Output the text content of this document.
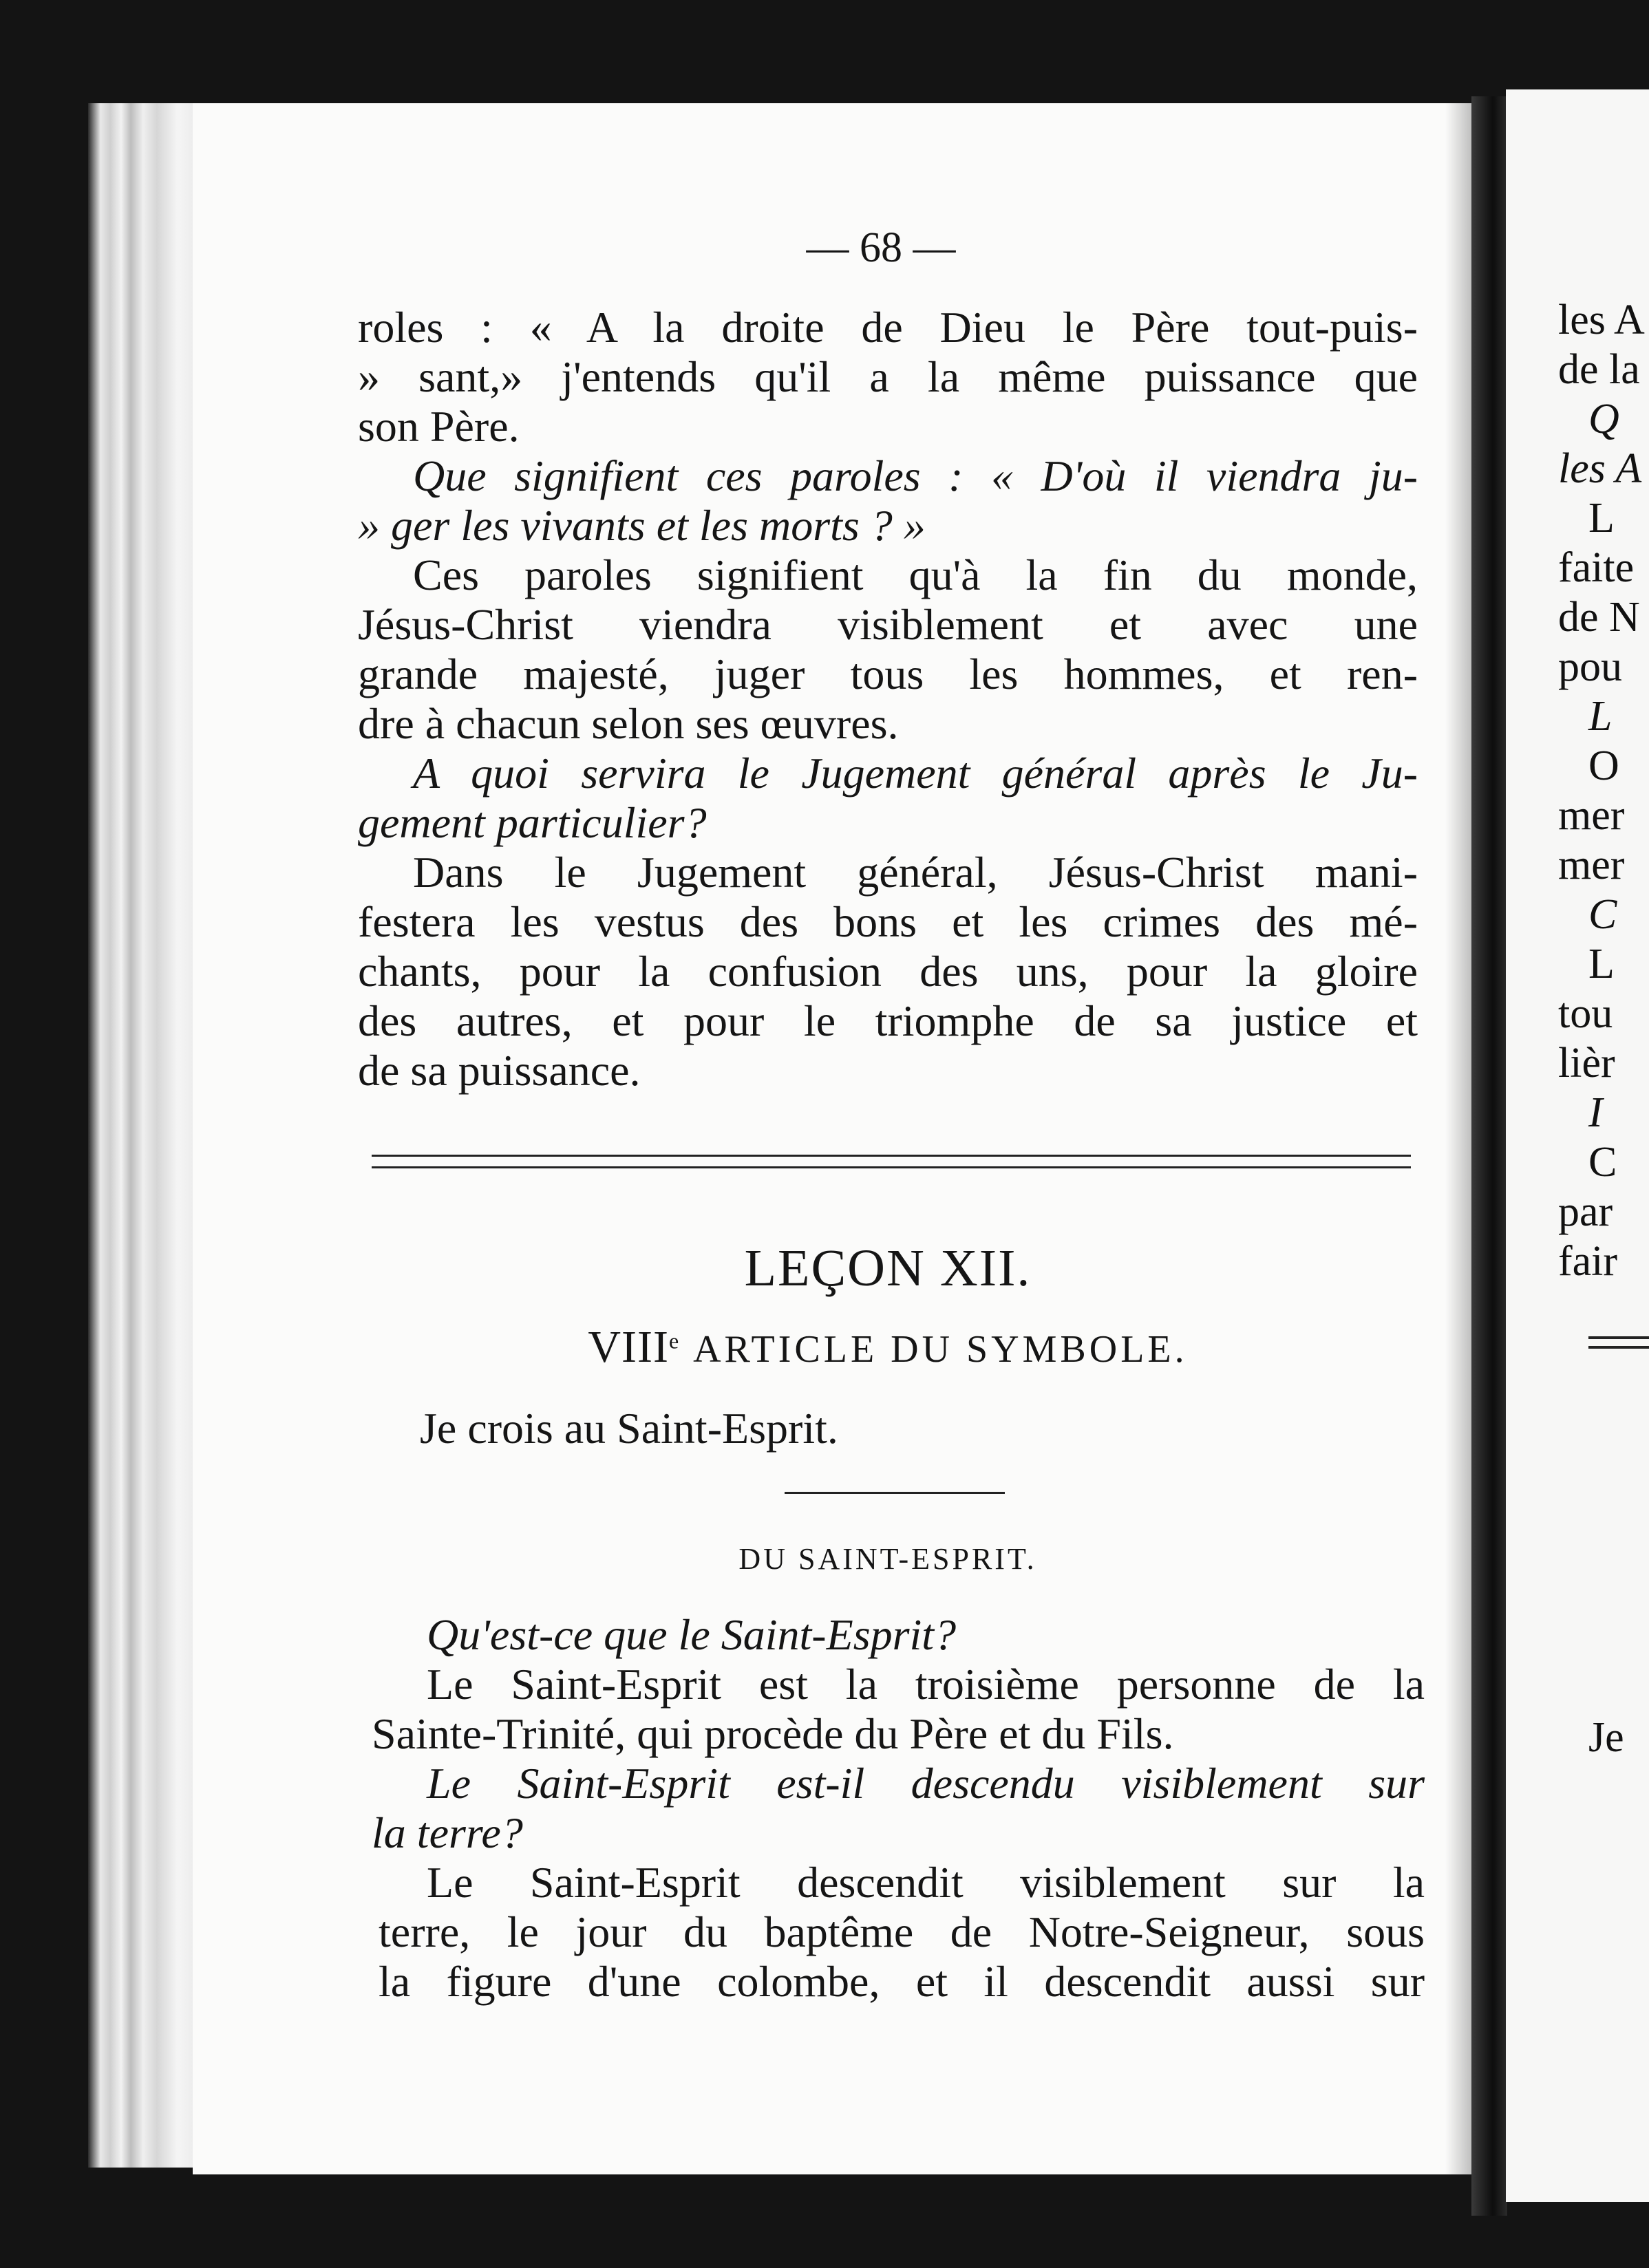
les A
de la
Q
les A
L
faite
de N
pou
L
O
mer
mer
C
L
tou
lièr
I
C
par
fair
Je
— 68 —
roles : « A la droite de Dieu le Père tout-puis-
» sant,» j'entends qu'il a la même puissance que
son Père.
Que signifient ces paroles : « D'où il viendra ju-
» ger les vivants et les morts ? »
Ces paroles signifient qu'à la fin du monde,
Jésus-Christ viendra visiblement et avec une
grande majesté, juger tous les hommes, et ren-
dre à chacun selon ses œuvres.
A quoi servira le Jugement général après le Ju-
gement particulier?
Dans le Jugement général, Jésus-Christ mani-
festera les vestus des bons et les crimes des mé-
chants, pour la confusion des uns, pour la gloire
des autres, et pour le triomphe de sa justice et
de sa puissance.
LEÇON XII.
VIIIe ARTICLE DU SYMBOLE.
Je crois au Saint-Esprit.
DU SAINT-ESPRIT.
Qu'est-ce que le Saint-Esprit?
Le Saint-Esprit est la troisième personne de la
Sainte-Trinité, qui procède du Père et du Fils.
Le Saint-Esprit est-il descendu visiblement sur
la terre?
Le Saint-Esprit descendit visiblement sur la
terre, le jour du baptême de Notre-Seigneur, sous
la figure d'une colombe, et il descendit aussi sur
